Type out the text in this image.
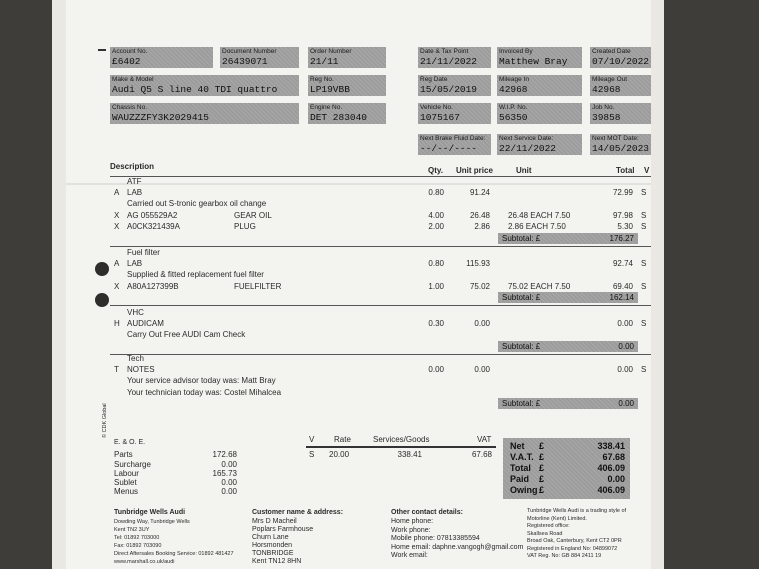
© CDK Global
Account No.
£6402
Document Number
26439071
Order Number
21/11
Date & Tax Point
21/11/2022
Invoiced By
Matthew Bray
Created Date
07/10/2022
Make & Model
Audi Q5 S line 40 TDI quattro
Reg No.
LP19VBB
Reg Date
15/05/2019
Mileage In
42968
Mileage Out
42968
Chassis No.
WAUZZZFY3K2029415
Engine No.
DET 283040
Vehicle No.
1075167
W.I.P. No.
56350
Job No.
39858
Next Brake Fluid Date:
--/--/----
Next Service Date:
22/11/2022
Next MOT Date:
14/05/2023
Description	Qty. Unit price	Unit	Total V
E. & O. E.
Parts	172.68
Surcharge	0.00
Labour	165.73
Sublet	0.00
Menus	0.00
V Rate	Services/Goods	VAT
S 20.00	338.41	67.68
Net £	338.41
V.A.T. £	67.68
Total £	406.09
Paid £	0.00
Owing £	406.09
Tunbridge Wells Audi
Dowding Way, Tunbridge Wells
Kent TN2 3UY
Tel: 01892 703000
Fax: 01892 703090
Direct Aftersales Booking Service: 01892 481427
www.marshall.co.uk/audi
Customer name & address:
Mrs D Macheil
Poplars Farmhouse
Churn Lane
Horsmonden
TONBRIDGE
Kent TN12 8HN
Other contact details:
Home phone:
Work phone:
Mobile phone: 07813385594
Home email: daphne.vangogh@gmail.com
Work email:
Tunbridge Wells Audi is a trading style of
Motorline (Kent) Limited.
Registered office:
Skallsea Road
Broad Oak, Canterbury, Kent CT2 0PR
Registered in England No: 04899072
VAT Reg. No: GB 884 2411 19
ATF
A LAB	0.80	91.24	72.99 S
Carried out S-tronic gearbox oil change
X AG 055529A2	GEAR OIL	4.00	26.48 26.48 EACH 7.50	97.98 S
X A0CK321439A	PLUG	2.00	2.86 2.86 EACH 7.50	5.30 S
Subtotal: £	176.27
Fuel filter
A LAB	0.80	115.93	92.74 S
Supplied & fitted replacement fuel filter
X A80A127399B	FUELFILTER	1.00	75.02 75.02 EACH 7.50	69.40 S
Subtotal: £	162.14
VHC
H AUDICAM	0.30	0.00	0.00 S
Carry Out Free AUDI Cam Check
Subtotal: £	0.00
Tech
T NOTES	0.00	0.00	0.00 S
Your service advisor today was: Matt Bray
Your technician today was: Costel Mihalcea
Subtotal: £	0.00
